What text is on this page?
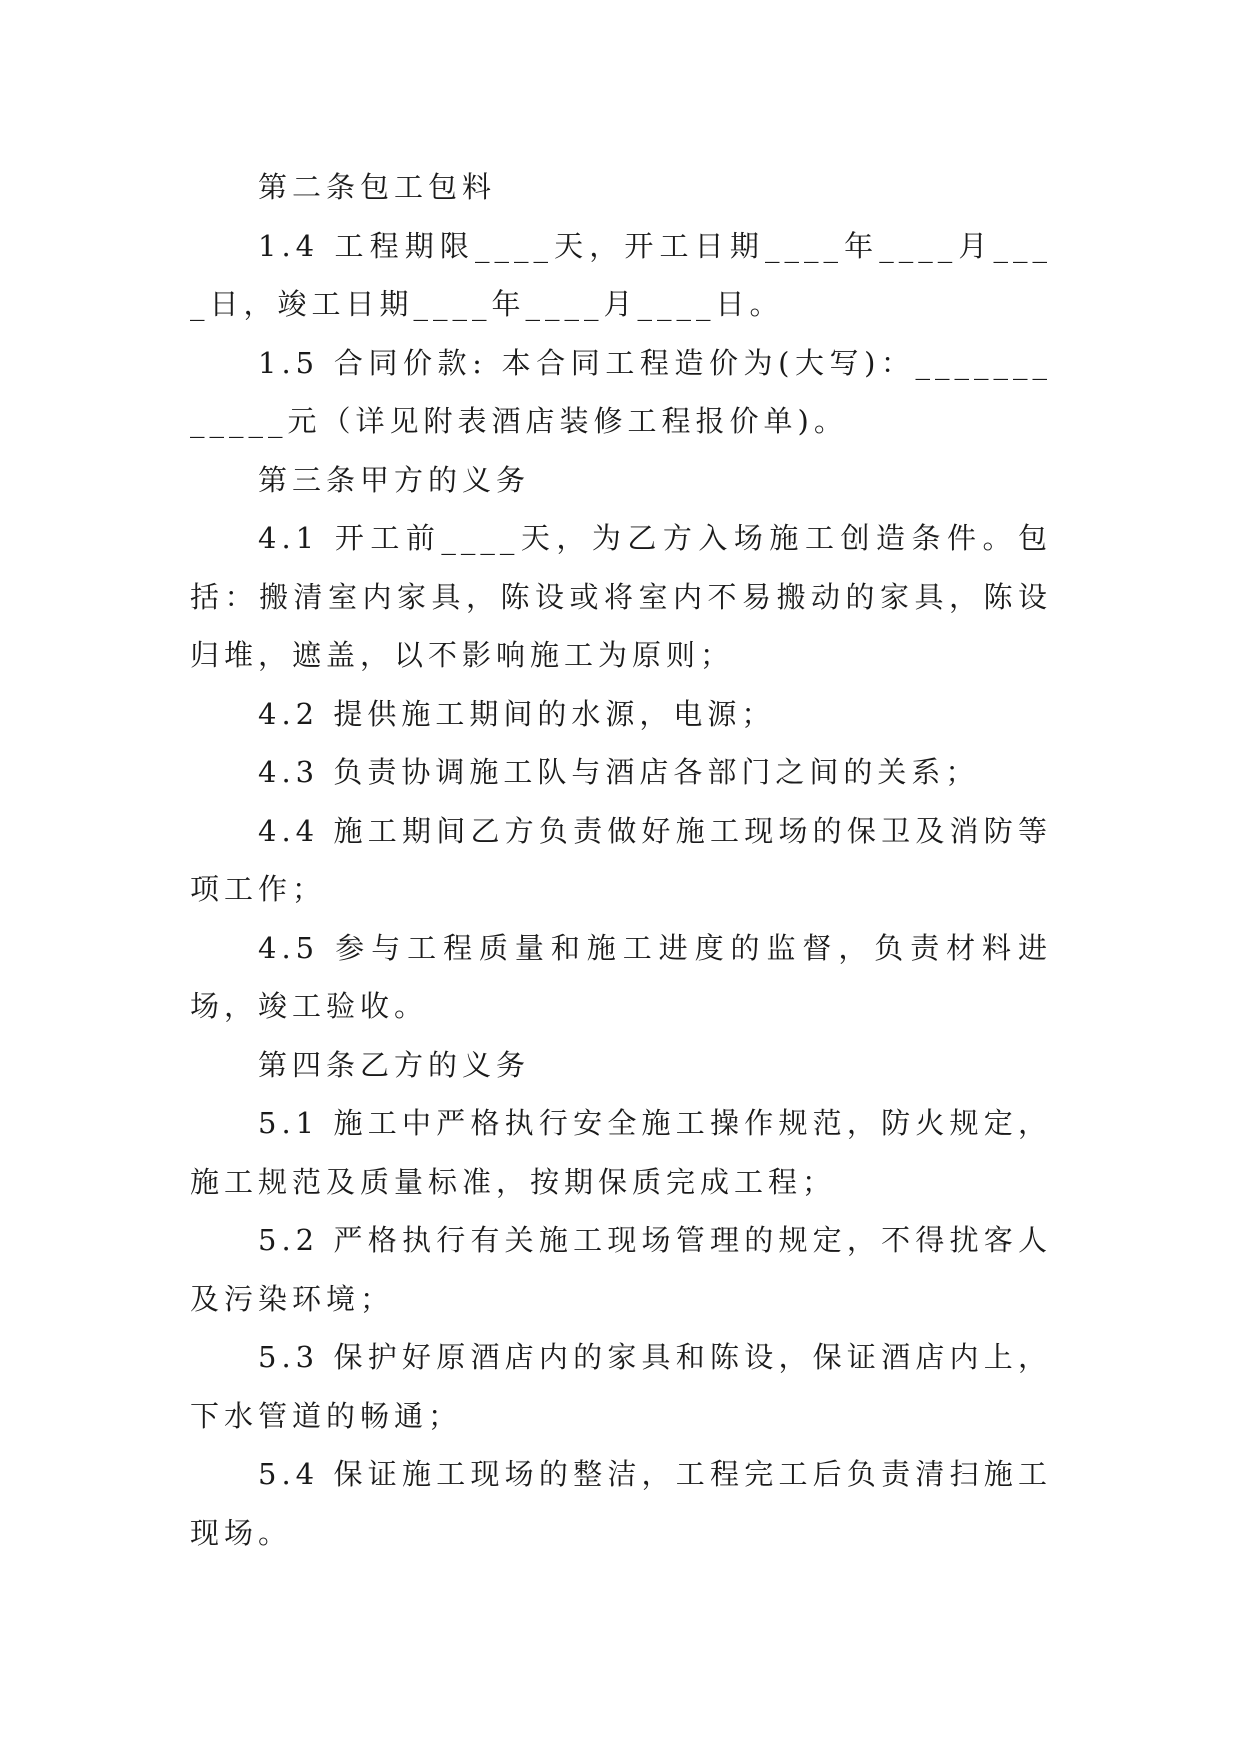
第二条包工包料

1.4 工程期限____天，开工日期____年____月____日，竣工日期____年____月____日。

1.5 合同价款: 本合同工程造价为(大写)：____________元（详见附表酒店装修工程报价单)。

第三条甲方的义务

4.1 开工前____天，为乙方入场施工创造条件。包括：搬清室内家具，陈设或将室内不易搬动的家具，陈设归堆，遮盖，以不影响施工为原则；

4.2 提供施工期间的水源，电源；

4.3 负责协调施工队与酒店各部门之间的关系；

4.4 施工期间乙方负责做好施工现场的保卫及消防等项工作；

4.5 参与工程质量和施工进度的监督，负责材料进场，竣工验收。

第四条乙方的义务

5.1 施工中严格执行安全施工操作规范，防火规定，施工规范及质量标准，按期保质完成工程；

5.2 严格执行有关施工现场管理的规定，不得扰客人及污染环境；

5.3 保护好原酒店内的家具和陈设，保证酒店内上，下水管道的畅通；

5.4 保证施工现场的整洁，工程完工后负责清扫施工现场。
